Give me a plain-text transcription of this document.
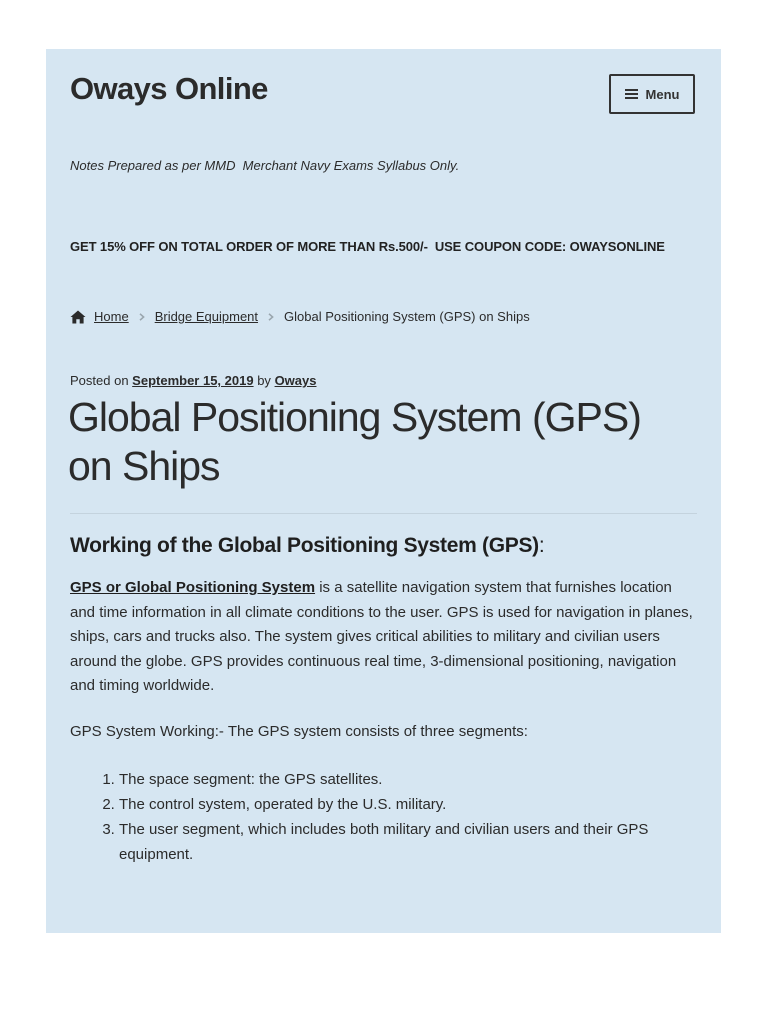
Oways Online	Menu

Notes Prepared as per MMD  Merchant Navy Exams Syllabus Only.

GET 15% OFF ON TOTAL ORDER OF MORE THAN Rs.500/-  USE COUPON CODE: OWAYSONLINE

Home Bridge Equipment Global Positioning System (GPS) on Ships

Posted on September 15, 2019 by Oways

Global Positioning System (GPS) on Ships
Working of the Global Positioning System (GPS):

GPS or Global Positioning System is a satellite navigation system that furnishes location and time information in all climate conditions to the user. GPS is used for navigation in planes, ships, cars and trucks also. The system gives critical abilities to military and civilian users around the globe. GPS provides continuous real time, 3-dimensional positioning, navigation and timing worldwide.

GPS System Working:- The GPS system consists of three segments:

1. The space segment: the GPS satellites.
2. The control system, operated by the U.S. military.
3. The user segment, which includes both military and civilian users and their GPS equipment.
